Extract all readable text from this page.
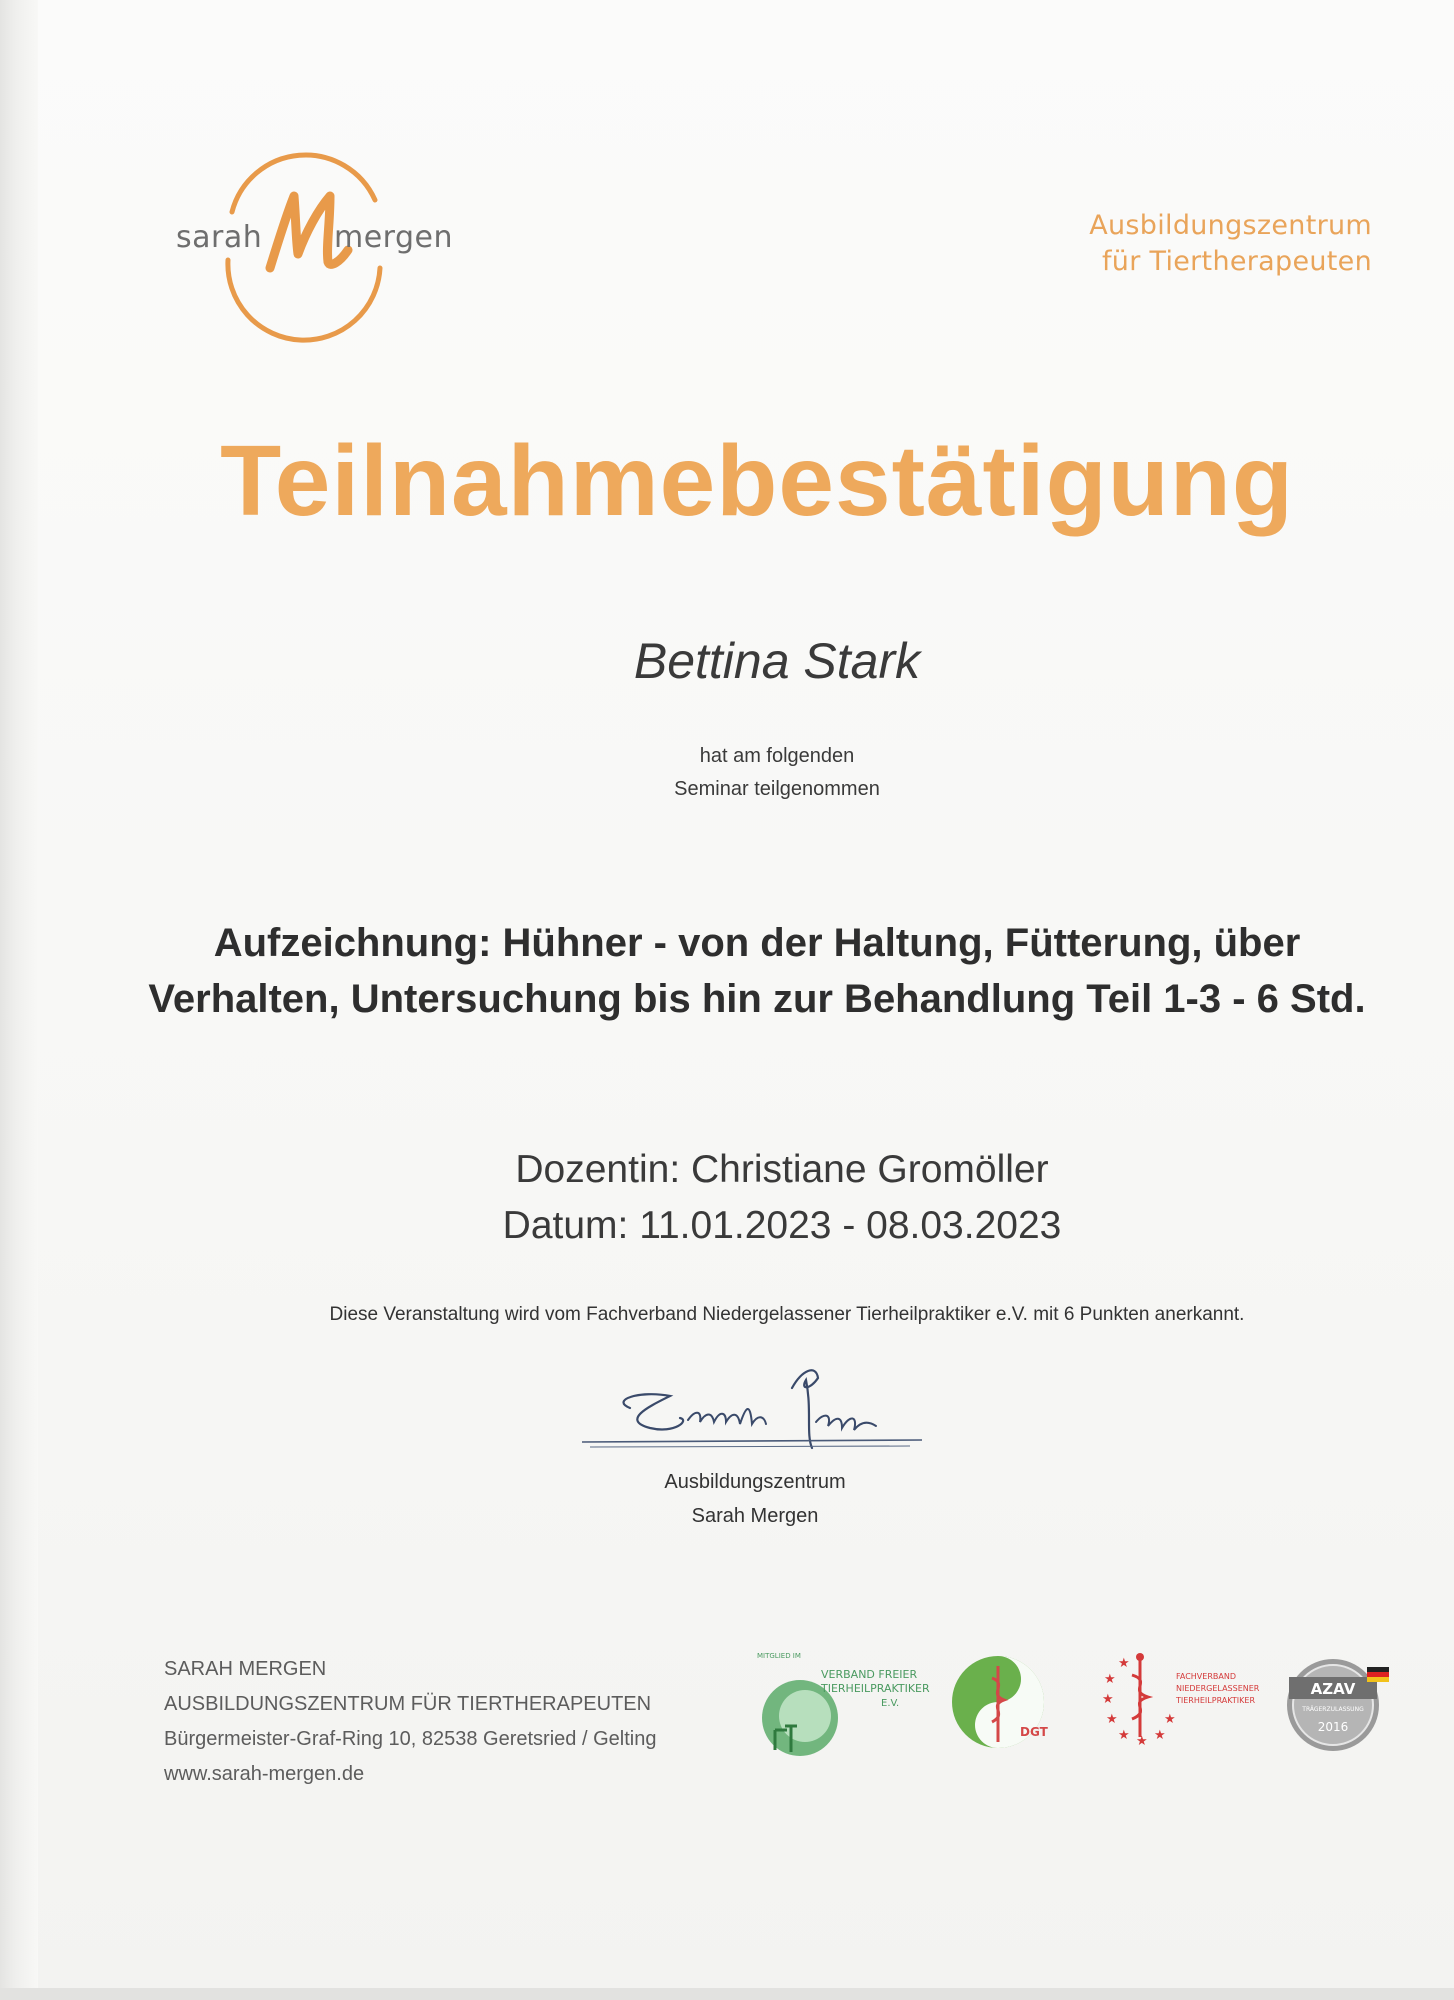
sarah mergen	Ausbildungszentrum
für Tiertherapeuten
Teilnahmebestätigung
Bettina Stark
hat am folgenden
Seminar teilgenommen
Aufzeichnung: Hühner - von der Haltung, Fütterung, über
Verhalten, Untersuchung bis hin zur Behandlung Teil 1-3 - 6 Std.
Dozentin: Christiane Gromöller
Datum: 11.01.2023 - 08.03.2023
Diese Veranstaltung wird vom Fachverband Niedergelassener Tierheilpraktiker e.V. mit 6 Punkten anerkannt.
Ausbildungszentrum
Sarah Mergen
SARAH MERGEN
AUSBILDUNGSZENTRUM FÜR TIERTHERAPEUTEN
Bürgermeister-Graf-Ring 10, 82538 Geretsried / Gelting
www.sarah-mergen.de
MITGLIED IM
VERBAND FREIER
TIERHEILPRAKTIKER
E.V.
DGT
★
★
★
★ ★ ★
★
★
FACHVERBAND
NIEDERGELASSENER
TIERHEILPRAKTIKER
AZAV
TRÄGERZULASSUNG
2016
